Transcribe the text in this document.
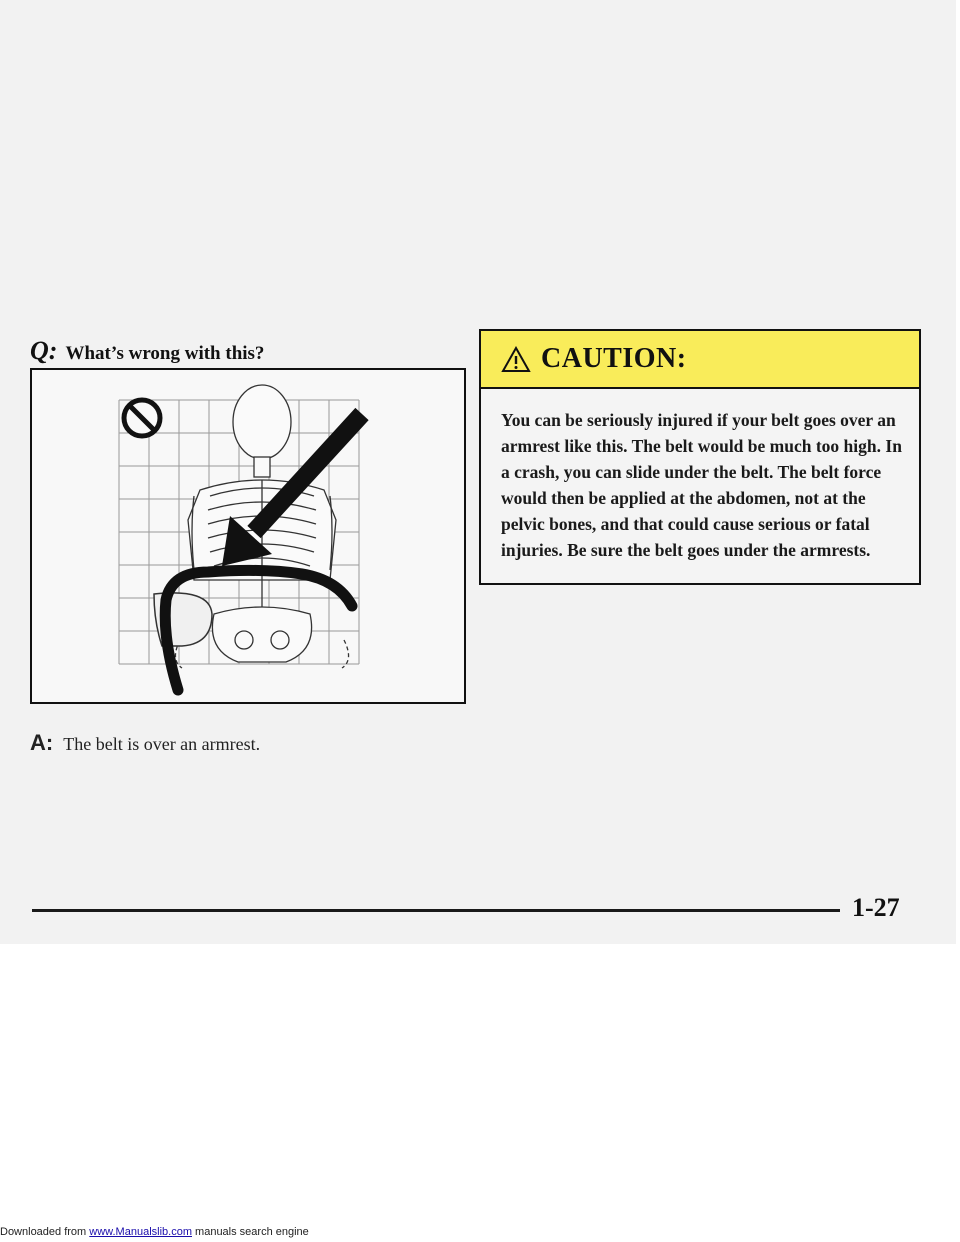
Q: What’s wrong with this?
A: The belt is over an armrest.
CAUTION:
You can be seriously injured if your belt goes over an armrest like this. The belt would be much too high. In a crash, you can slide under the belt. The belt force would then be applied at the abdomen, not at the pelvic bones, and that could cause serious or fatal injuries. Be sure the belt goes under the armrests.
1-27
Downloaded from www.Manualslib.com manuals search engine
